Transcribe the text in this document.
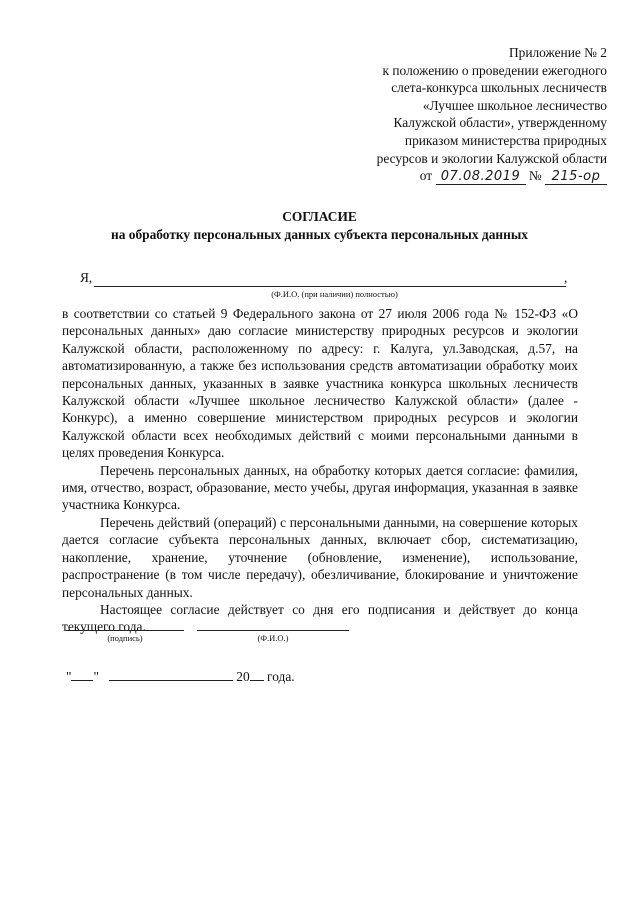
Приложение № 2
к положению о проведении ежегодного
слета-конкурса школьных лесничеств
«Лучшее школьное лесничество
Калужской области», утвержденному
приказом министерства природных
ресурсов и экологии Калужской области
от 07.08.2019 № 215-ор
СОГЛАСИЕ
на обработку персональных данных субъекта персональных данных
Я,	,
(Ф.И.О. (при наличии) полностью)

в соответствии со статьей 9 Федерального закона от 27 июля 2006 года № 152-ФЗ «О персональных данных» даю согласие министерству природных ресурсов и экологии Калужской области, расположенному по адресу: г. Калуга, ул.Заводская, д.57, на автоматизированную, а также без использования средств автоматизации обработку моих персональных данных, указанных в заявке участника конкурса школьных лесничеств Калужской области «Лучшее школьное лесничество Калужской области» (далее - Конкурс), а именно совершение министерством природных ресурсов и экологии Калужской области всех необходимых действий с моими персональными данными в целях проведения Конкурса.

Перечень персональных данных, на обработку которых дается согласие: фамилия, имя, отчество, возраст, образование, место учебы, другая информация, указанная в заявке участника Конкурса.

Перечень действий (операций) с персональными данными, на совершение которых дается согласие субъекта персональных данных, включает сбор, систематизацию, накопление, хранение, уточнение (обновление, изменение), использование, распространение (в том числе передачу), обезличивание, блокирование и уничтожение персональных данных.

Настоящее согласие действует со дня его подписания и действует до конца текущего года.

(подпись)	(Ф.И.О.)
" "	20 года.
